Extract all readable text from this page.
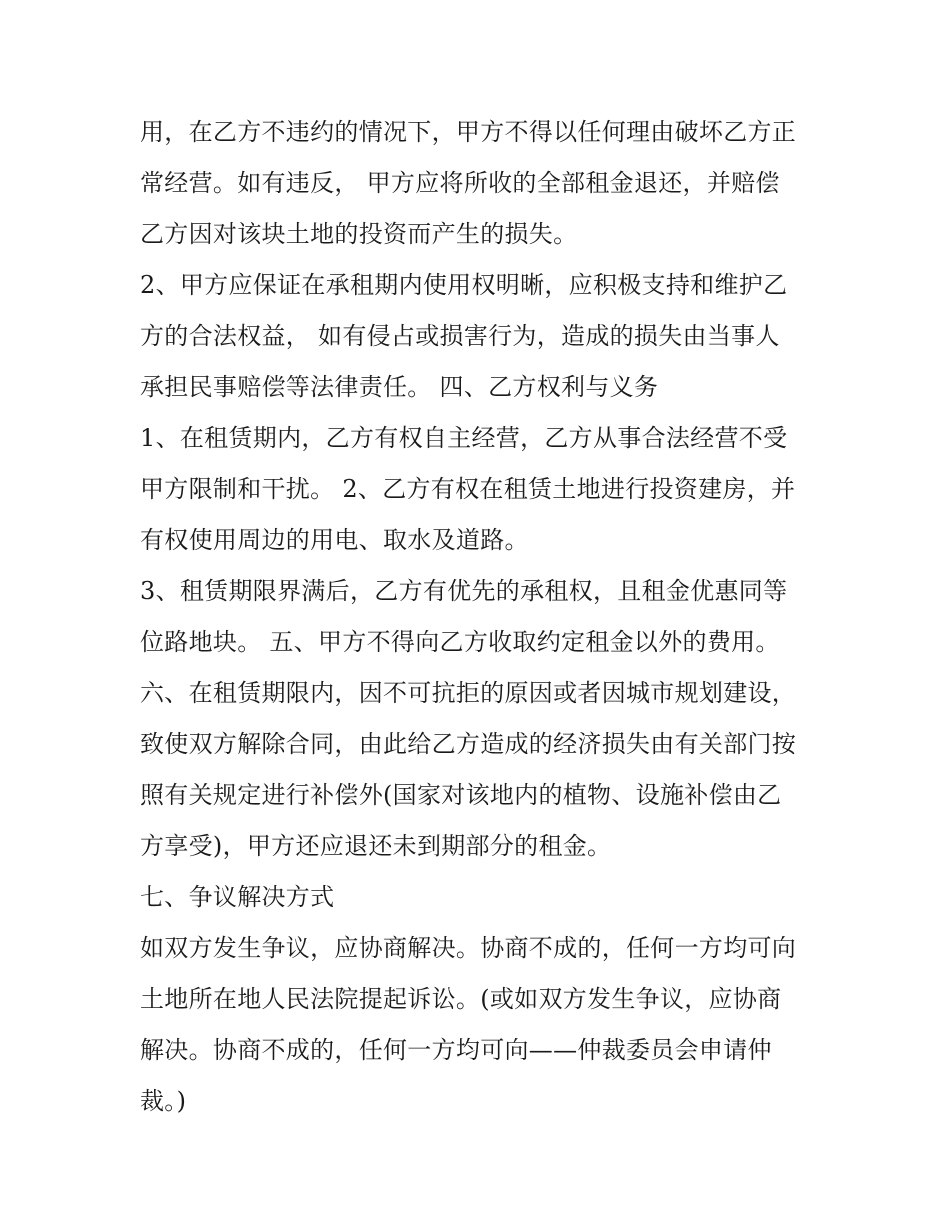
用，在乙方不违约的情况下，甲方不得以任何理由破坏乙方正
常经营。如有违反， 甲方应将所收的全部租金退还，并赔偿
乙方因对该块土地的投资而产生的损失。
2、甲方应保证在承租期内使用权明晰，应积极支持和维护乙
方的合法权益， 如有侵占或损害行为，造成的损失由当事人
承担民事赔偿等法律责任。 四、乙方权利与义务
1、在租赁期内，乙方有权自主经营，乙方从事合法经营不受
甲方限制和干扰。 2、乙方有权在租赁土地进行投资建房，并
有权使用周边的用电、取水及道路。
3、租赁期限界满后，乙方有优先的承租权，且租金优惠同等
位路地块。 五、甲方不得向乙方收取约定租金以外的费用。
六、在租赁期限内，因不可抗拒的原因或者因城市规划建设，
致使双方解除合同，由此给乙方造成的经济损失由有关部门按
照有关规定进行补偿外(国家对该地内的植物、设施补偿由乙
方享受)，甲方还应退还未到期部分的租金。
七、争议解决方式
如双方发生争议，应协商解决。协商不成的，任何一方均可向
土地所在地人民法院提起诉讼。(或如双方发生争议，应协商
解决。协商不成的，任何一方均可向——仲裁委员会申请仲
裁。)
